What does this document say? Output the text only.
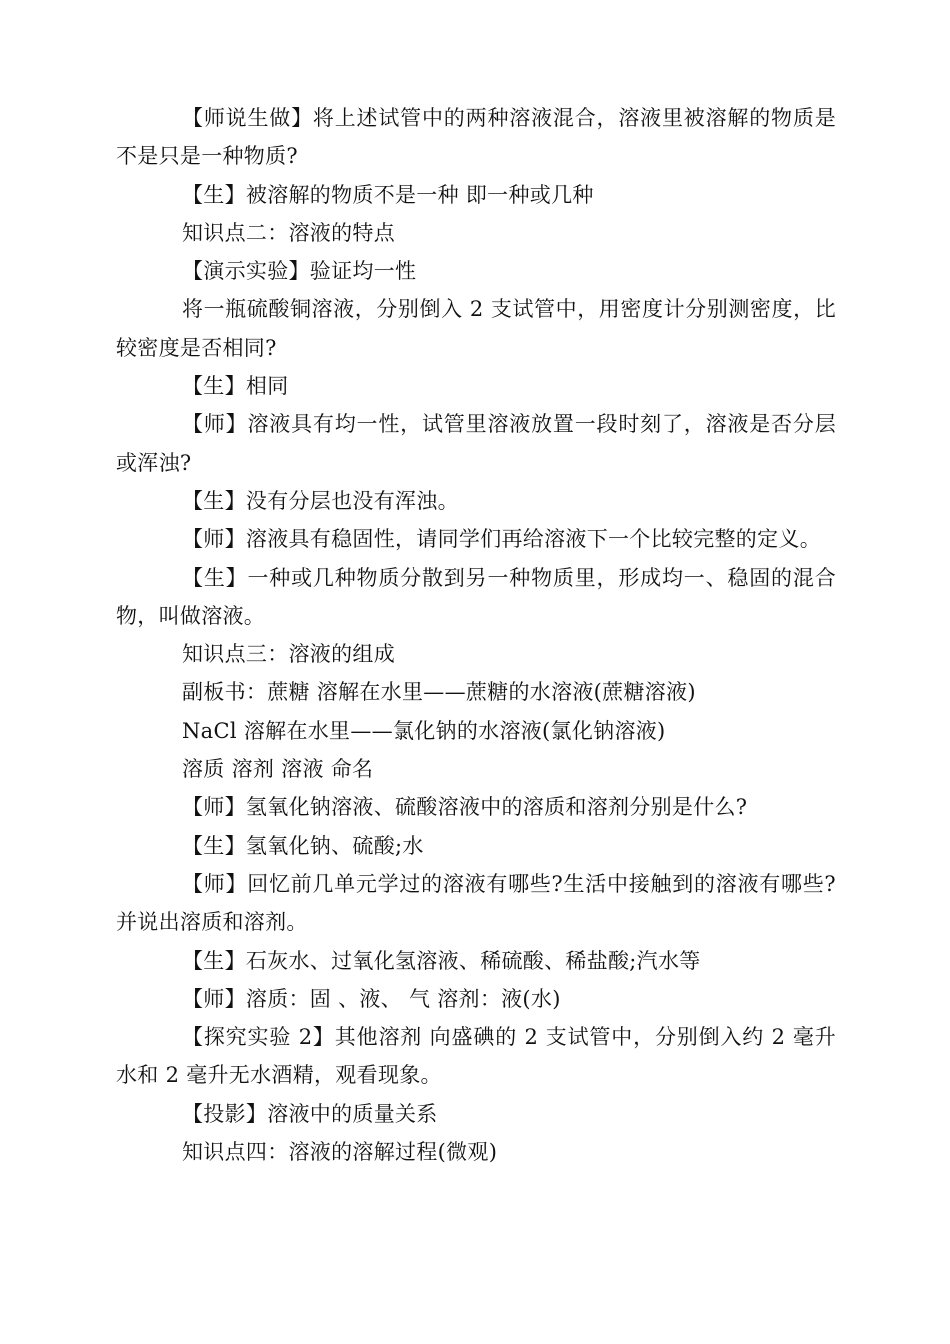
【师说生做】将上述试管中的两种溶液混合，溶液里被溶解的物质是不是只是一种物质?

【生】被溶解的物质不是一种 即一种或几种

知识点二：溶液的特点

【演示实验】验证均一性

将一瓶硫酸铜溶液，分别倒入 2 支试管中，用密度计分别测密度，比较密度是否相同?

【生】相同

【师】溶液具有均一性，试管里溶液放置一段时刻了，溶液是否分层或浑浊?

【生】没有分层也没有浑浊。

【师】溶液具有稳固性，请同学们再给溶液下一个比较完整的定义。

【生】一种或几种物质分散到另一种物质里，形成均一、稳固的混合物，叫做溶液。

知识点三：溶液的组成

副板书：蔗糖 溶解在水里——蔗糖的水溶液(蔗糖溶液)

NaCl 溶解在水里——氯化钠的水溶液(氯化钠溶液)

溶质 溶剂 溶液 命名

【师】氢氧化钠溶液、硫酸溶液中的溶质和溶剂分别是什么?

【生】氢氧化钠、硫酸;水

【师】回忆前几单元学过的溶液有哪些?生活中接触到的溶液有哪些?并说出溶质和溶剂。

【生】石灰水、过氧化氢溶液、稀硫酸、稀盐酸;汽水等

【师】溶质：固 、液、 气 溶剂：液(水)

【探究实验 2】其他溶剂 向盛碘的 2 支试管中，分别倒入约 2 毫升水和 2 毫升无水酒精，观看现象。

【投影】溶液中的质量关系

知识点四：溶液的溶解过程(微观)
